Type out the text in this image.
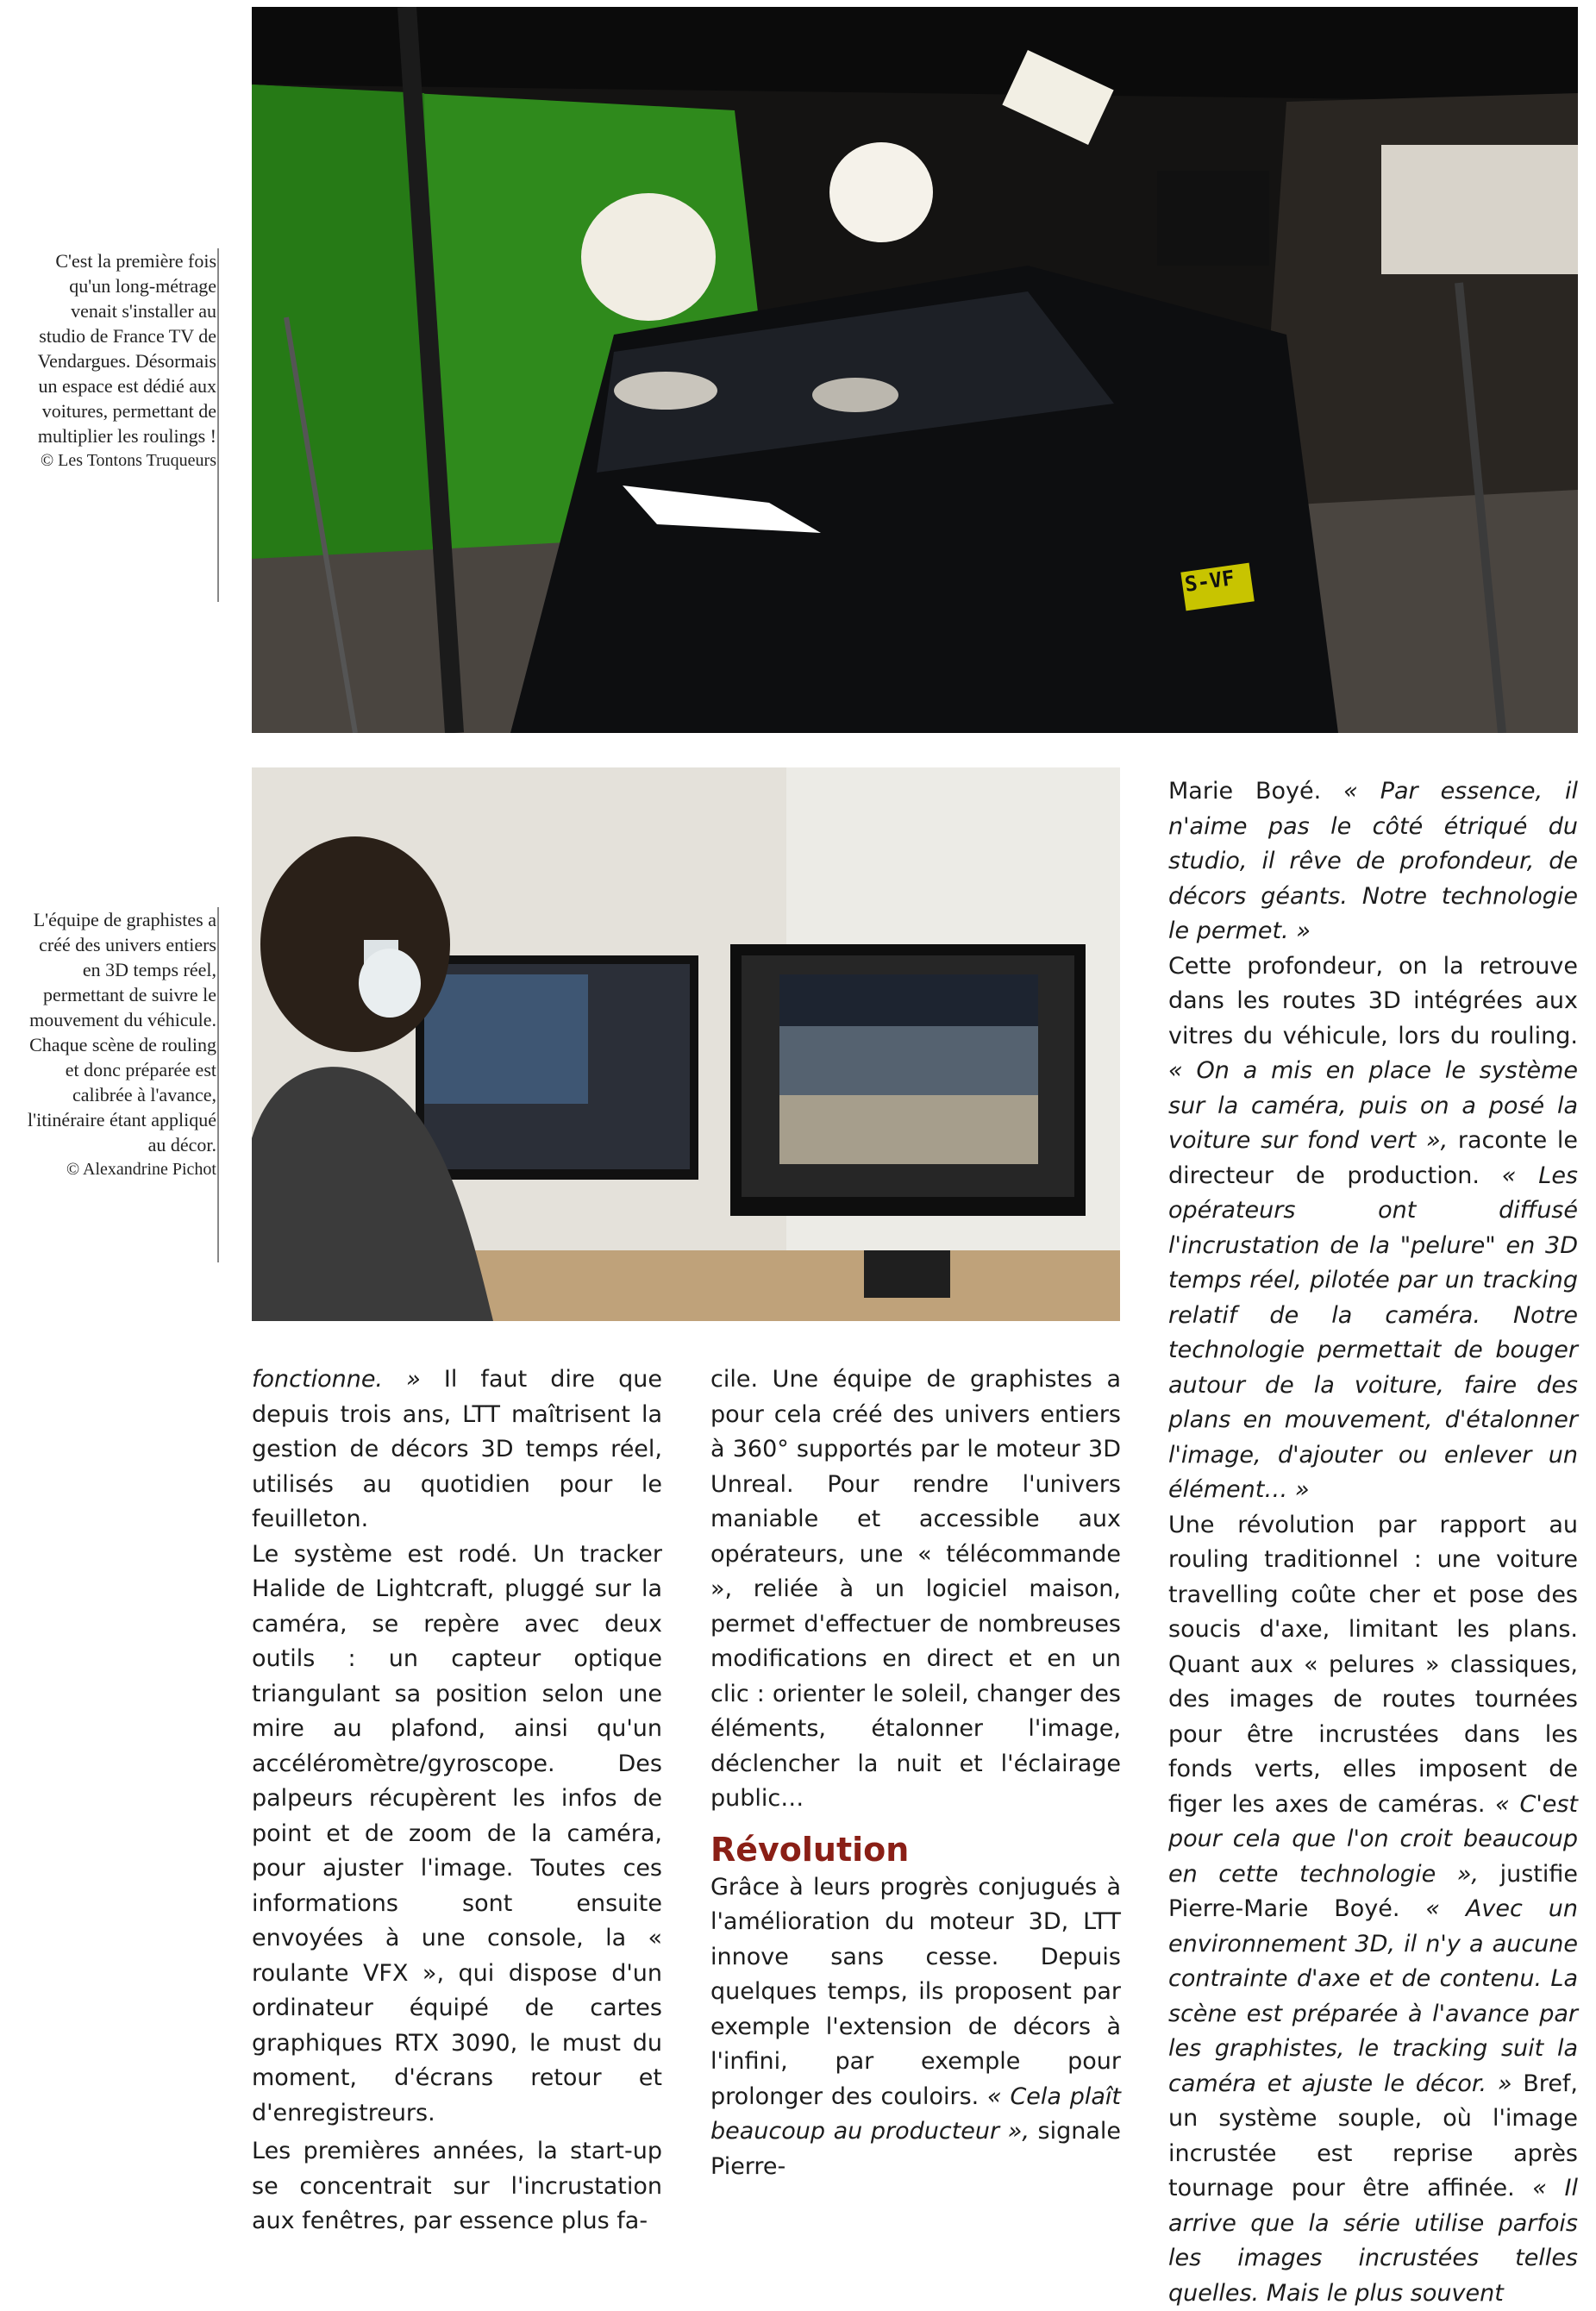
C'est la première fois qu'un long-métrage venait s'installer au studio de France TV de Vendargues. Désormais un espace est dédié aux voitures, permettant de multiplier les roulings !

© Les Tontons Truqueurs

S-VF

L'équipe de graphistes a créé des univers entiers en 3D temps réel, permettant de suivre le mouvement du véhicule. Chaque scène de rouling et donc préparée est calibrée à l'avance, l'itinéraire étant appliqué au décor.

© Alexandrine Pichot

fonctionne. » Il faut dire que depuis trois ans, LTT maîtrisent la gestion de décors 3D temps réel, utilisés au quotidien pour le feuilleton.

Le système est rodé. Un tracker Halide de Lightcraft, pluggé sur la caméra, se repère avec deux outils : un capteur optique triangulant sa position selon une mire au plafond, ainsi qu'un accéléromètre/gyroscope. Des palpeurs récupèrent les infos de point et de zoom de la caméra, pour ajuster l'image. Toutes ces informations sont ensuite envoyées à une console, la « roulante VFX », qui dispose d'un ordinateur équipé de cartes graphiques RTX 3090, le must du moment, d'écrans retour et d'enregistreurs.

Les premières années, la start-up se concentrait sur l'incrustation aux fenêtres, par essence plus fa-

cile. Une équipe de graphistes a pour cela créé des univers entiers à 360° supportés par le moteur 3D Unreal. Pour rendre l'univers maniable et accessible aux opérateurs, une « télécommande », reliée à un logiciel maison, permet d'effectuer de nombreuses modifications en direct et en un clic : orienter le soleil, changer des éléments, étalonner l'image, déclencher la nuit et l'éclairage public…

Révolution

Grâce à leurs progrès conjugués à l'amélioration du moteur 3D, LTT innove sans cesse. Depuis quelques temps, ils proposent par exemple l'extension de décors à l'infini, par exemple pour prolonger des couloirs. « Cela plaît beaucoup au producteur », signale Pierre-

Marie Boyé. « Par essence, il n'aime pas le côté étriqué du studio, il rêve de profondeur, de décors géants. Notre technologie le permet. »

Cette profondeur, on la retrouve dans les routes 3D intégrées aux vitres du véhicule, lors du rouling. « On a mis en place le système sur la caméra, puis on a posé la voiture sur fond vert », raconte le directeur de production. « Les opérateurs ont diffusé l'incrustation de la "pelure" en 3D temps réel, pilotée par un tracking relatif de la caméra. Notre technologie permettait de bouger autour de la voiture, faire des plans en mouvement, d'étalonner l'image, d'ajouter ou enlever un élément… »

Une révolution par rapport au rouling traditionnel : une voiture travelling coûte cher et pose des soucis d'axe, limitant les plans. Quant aux « pelures » classiques, des images de routes tournées pour être incrustées dans les fonds verts, elles imposent de figer les axes de caméras. « C'est pour cela que l'on croit beaucoup en cette technologie », justifie Pierre-Marie Boyé. « Avec un environnement 3D, il n'y a aucune contrainte d'axe et de contenu. La scène est préparée à l'avance par les graphistes, le tracking suit la caméra et ajuste le décor. » Bref, un système souple, où l'image incrustée est reprise après tournage pour être affinée. « Il arrive que la série utilise parfois les images incrustées telles quelles. Mais le plus souvent
